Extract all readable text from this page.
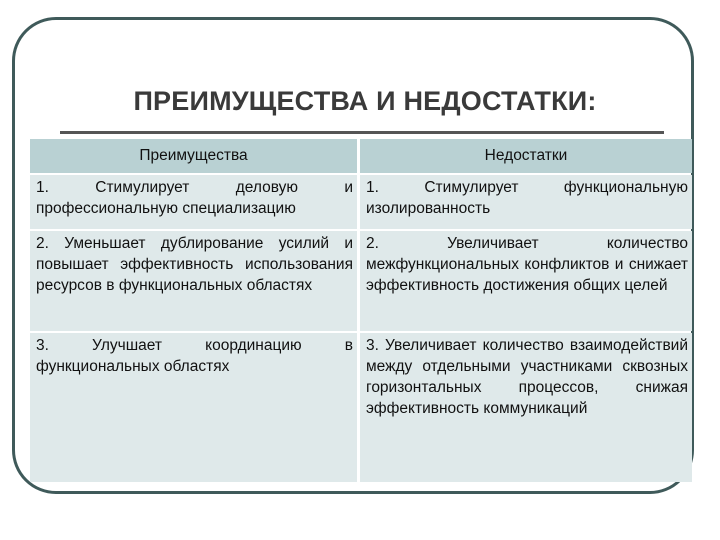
ПРЕИМУЩЕСТВА И НЕДОСТАТКИ:
Преимущества	Недостатки
1. Стимулирует деловую и профессиональную специализацию
1. Стимулирует функциональную изолированность
2. Уменьшает дублирование усилий и повышает эффективность использования ресурсов в функциональных областях
2. Увеличивает количество межфункциональных конфликтов и снижает эффективность достижения общих целей
3. Улучшает координацию в функциональных областях
3. Увеличивает количество взаимодействий между отдельными участниками сквозных горизонтальных процессов, снижая эффективность коммуникаций
